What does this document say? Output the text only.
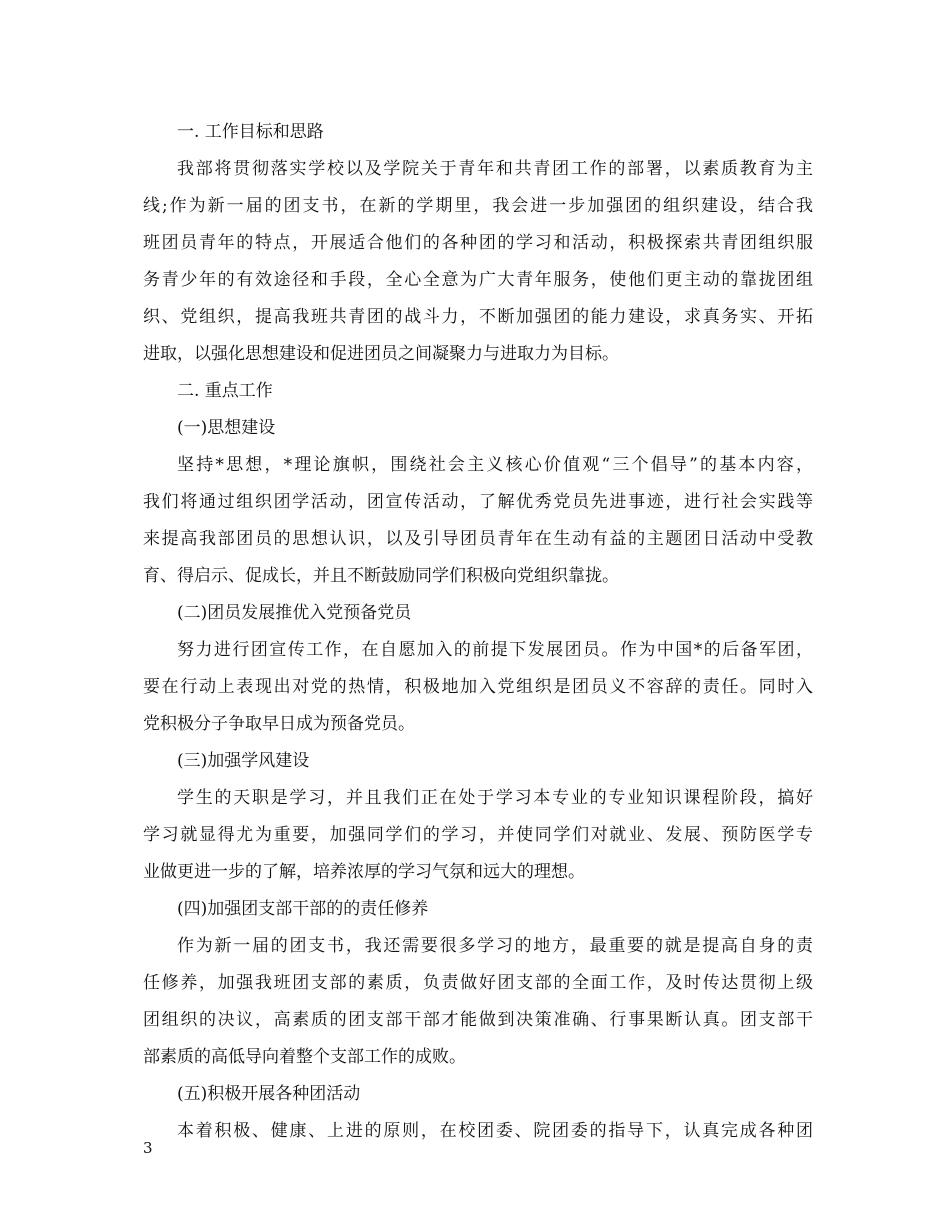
一. 工作目标和思路
我部将贯彻落实学校以及学院关于青年和共青团工作的部署，以素质教育为主
线;作为新一届的团支书，在新的学期里，我会进一步加强团的组织建设，结合我
班团员青年的特点，开展适合他们的各种团的学习和活动，积极探索共青团组织服
务青少年的有效途径和手段，全心全意为广大青年服务，使他们更主动的靠拢团组
织、党组织，提高我班共青团的战斗力，不断加强团的能力建设，求真务实、开拓
进取，以强化思想建设和促进团员之间凝聚力与进取力为目标。
二. 重点工作
(一)思想建设
坚持*思想，*理论旗帜，围绕社会主义核心价值观“三个倡导”的基本内容，
我们将通过组织团学活动，团宣传活动，了解优秀党员先进事迹，进行社会实践等
来提高我部团员的思想认识，以及引导团员青年在生动有益的主题团日活动中受教
育、得启示、促成长，并且不断鼓励同学们积极向党组织靠拢。
(二)团员发展推优入党预备党员
努力进行团宣传工作，在自愿加入的前提下发展团员。作为中国*的后备军团，
要在行动上表现出对党的热情，积极地加入党组织是团员义不容辞的责任。同时入
党积极分子争取早日成为预备党员。
(三)加强学风建设
学生的天职是学习，并且我们正在处于学习本专业的专业知识课程阶段，搞好
学习就显得尤为重要，加强同学们的学习，并使同学们对就业、发展、预防医学专
业做更进一步的了解，培养浓厚的学习气氛和远大的理想。
(四)加强团支部干部的的责任修养
作为新一届的团支书，我还需要很多学习的地方，最重要的就是提高自身的责
任修养，加强我班团支部的素质，负责做好团支部的全面工作，及时传达贯彻上级
团组织的决议，高素质的团支部干部才能做到决策准确、行事果断认真。团支部干
部素质的高低导向着整个支部工作的成败。
(五)积极开展各种团活动
本着积极、健康、上进的原则，在校团委、院团委的指导下，认真完成各种团
3
